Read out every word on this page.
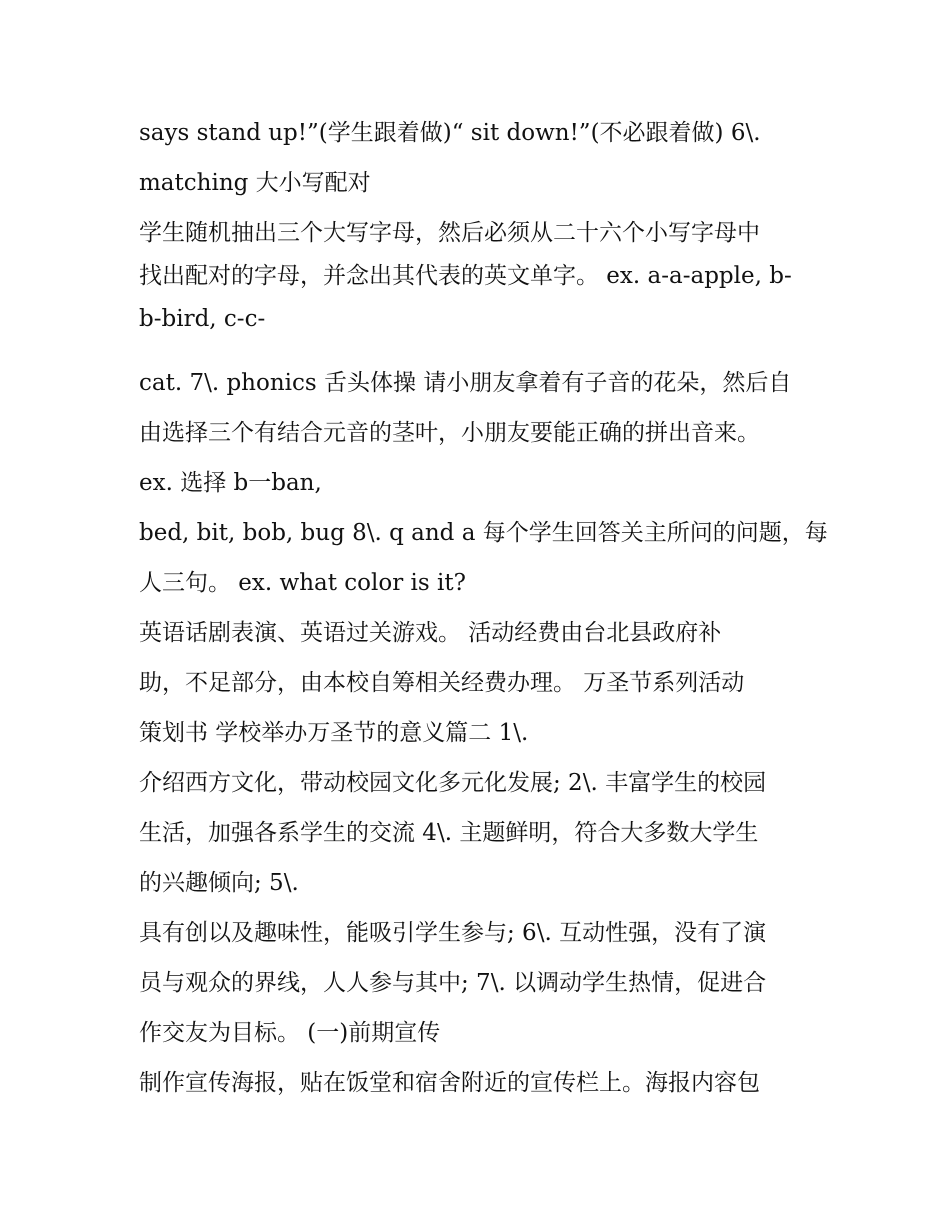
says stand up!”(学生跟着做)“ sit down!”(不必跟着做) 6\.
matching 大小写配对
学生随机抽出三个大写字母，然后必须从二十六个小写字母中
找出配对的字母，并念出其代表的英文单字。 ex. a-a-apple, b-
b-bird, c-c-
cat. 7\. phonics 舌头体操 请小朋友拿着有子音的花朵，然后自
由选择三个有结合元音的茎叶，小朋友要能正确的拼出音来。
ex. 选择 b一ban,
bed, bit, bob, bug 8\. q and a 每个学生回答关主所问的问题，每
人三句。 ex. what color is it?
英语话剧表演、英语过关游戏。 活动经费由台北县政府补
助，不足部分，由本校自筹相关经费办理。 万圣节系列活动
策划书 学校举办万圣节的意义篇二 1\.
介绍西方文化，带动校园文化多元化发展; 2\. 丰富学生的校园
生活，加强各系学生的交流 4\. 主题鲜明，符合大多数大学生
的兴趣倾向; 5\.
具有创以及趣味性，能吸引学生参与; 6\. 互动性强，没有了演
员与观众的界线，人人参与其中; 7\. 以调动学生热情，促进合
作交友为目标。 (一)前期宣传
制作宣传海报，贴在饭堂和宿舍附近的宣传栏上。海报内容包
